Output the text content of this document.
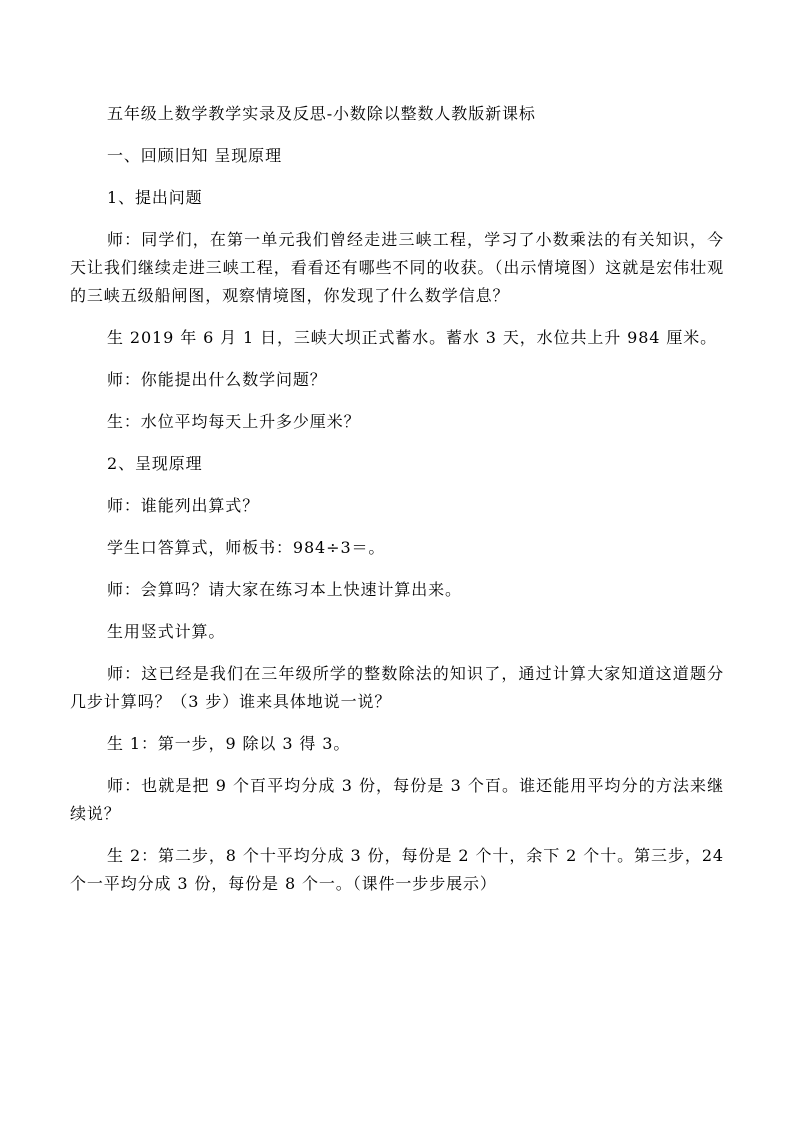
五年级上数学教学实录及反思-小数除以整数人教版新课标

一、回顾旧知 呈现原理

1、提出问题

师：同学们，在第一单元我们曾经走进三峡工程，学习了小数乘法的有关知识，今天让我们继续走进三峡工程，看看还有哪些不同的收获。（出示情境图）这就是宏伟壮观的三峡五级船闸图，观察情境图，你发现了什么数学信息？

生 2019 年 6 月 1 日，三峡大坝正式蓄水。蓄水 3 天，水位共上升 984 厘米。

师：你能提出什么数学问题？

生：水位平均每天上升多少厘米？

2、呈现原理

师：谁能列出算式？

学生口答算式，师板书：984÷3＝。

师：会算吗？请大家在练习本上快速计算出来。

生用竖式计算。

师：这已经是我们在三年级所学的整数除法的知识了，通过计算大家知道这道题分几步计算吗？（3 步）谁来具体地说一说？

生 1：第一步，9 除以 3 得 3。

师：也就是把 9 个百平均分成 3 份，每份是 3 个百。谁还能用平均分的方法来继续说？

生 2：第二步，8 个十平均分成 3 份，每份是 2 个十，余下 2 个十。第三步，24 个一平均分成 3 份，每份是 8 个一。（课件一步步展示）
